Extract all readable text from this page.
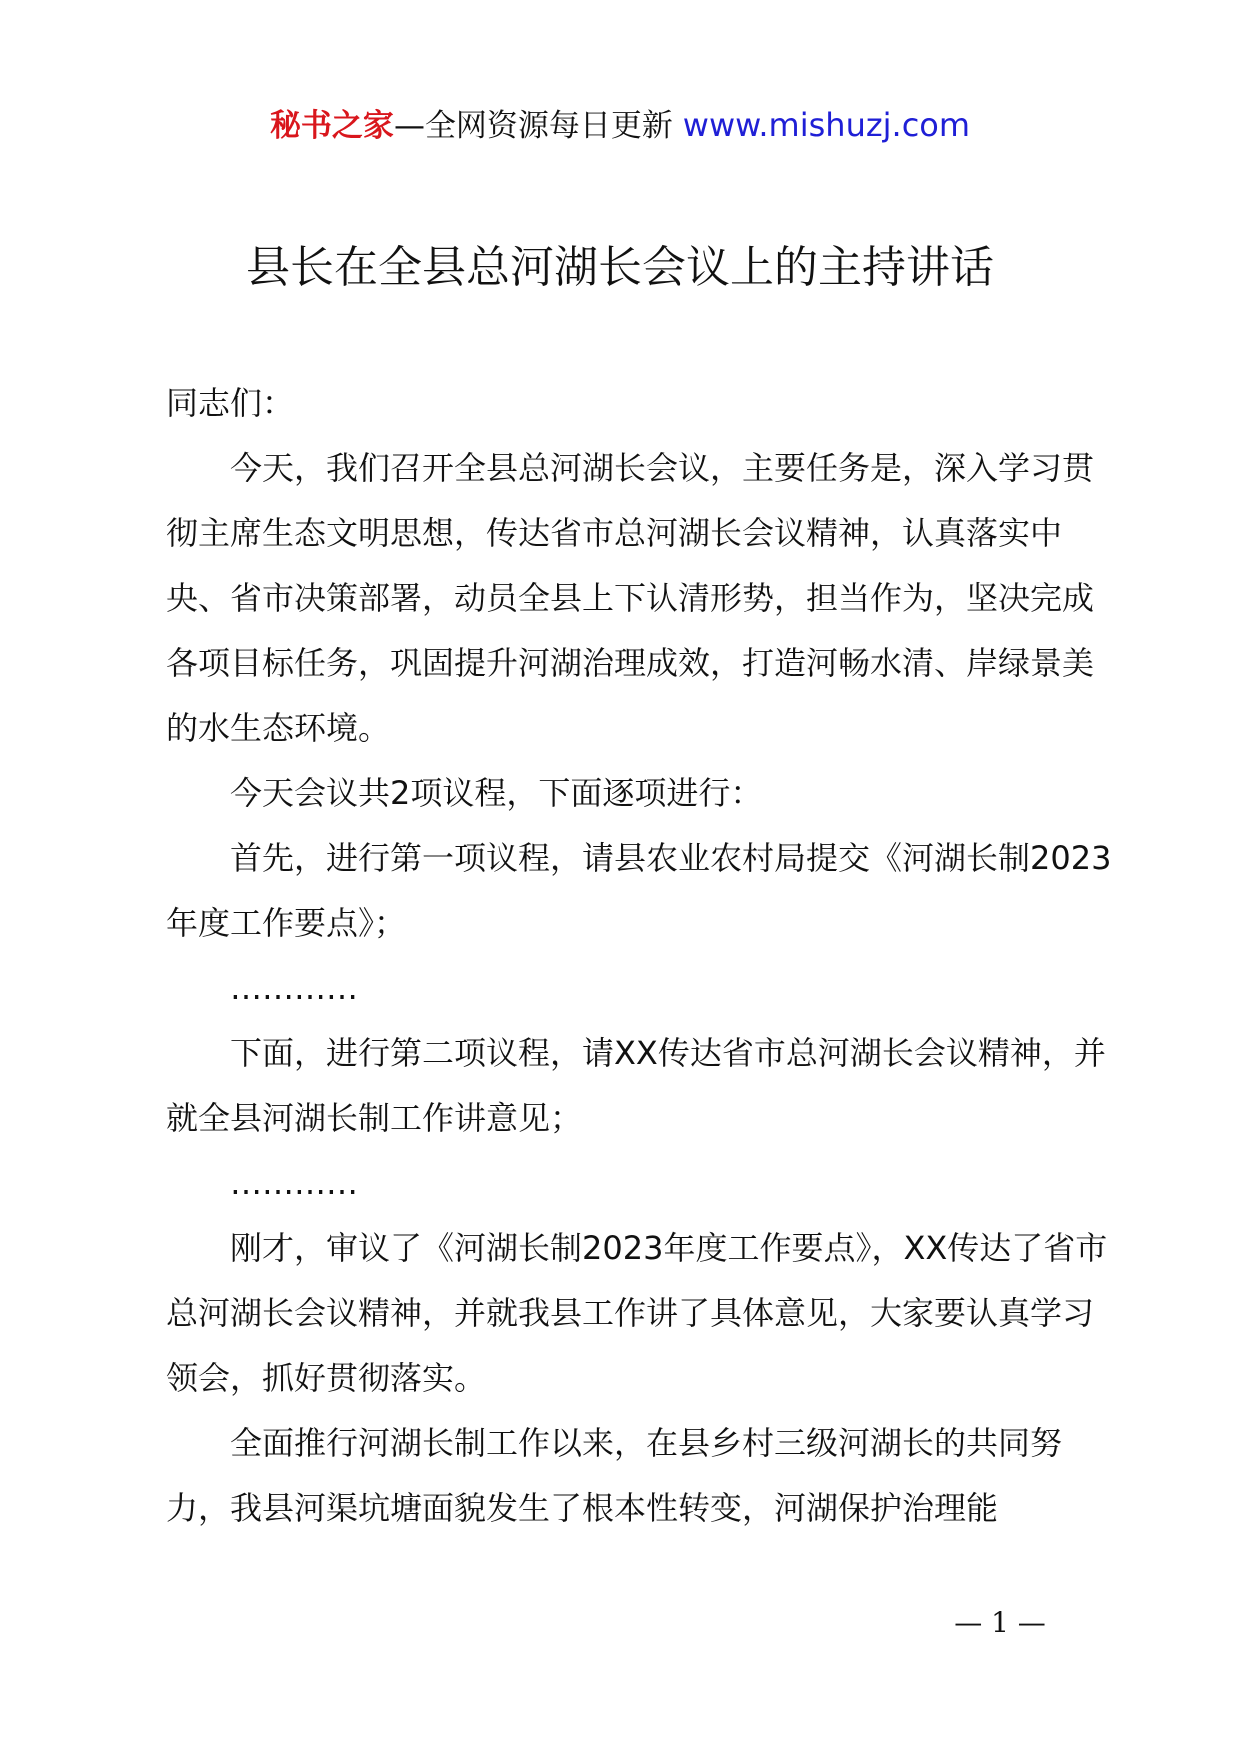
秘书之家—全网资源每日更新 www.mishuzj.com
县长在全县总河湖长会议上的主持讲话

同志们：

今天，我们召开全县总河湖长会议，主要任务是，深入学习贯彻主席生态文明思想，传达省市总河湖长会议精神，认真落实中央、省市决策部署，动员全县上下认清形势，担当作为，坚决完成各项目标任务，巩固提升河湖治理成效，打造河畅水清、岸绿景美的水生态环境。

今天会议共2项议程，下面逐项进行：

首先，进行第一项议程，请县农业农村局提交《河湖长制2023年度工作要点》；

…………

下面，进行第二项议程，请XX传达省市总河湖长会议精神，并就全县河湖长制工作讲意见；

…………

刚才，审议了《河湖长制2023年度工作要点》，XX传达了省市总河湖长会议精神，并就我县工作讲了具体意见，大家要认真学习领会，抓好贯彻落实。

全面推行河湖长制工作以来，在县乡村三级河湖长的共同努力，我县河渠坑塘面貌发生了根本性转变，河湖保护治理能

— 1 —
